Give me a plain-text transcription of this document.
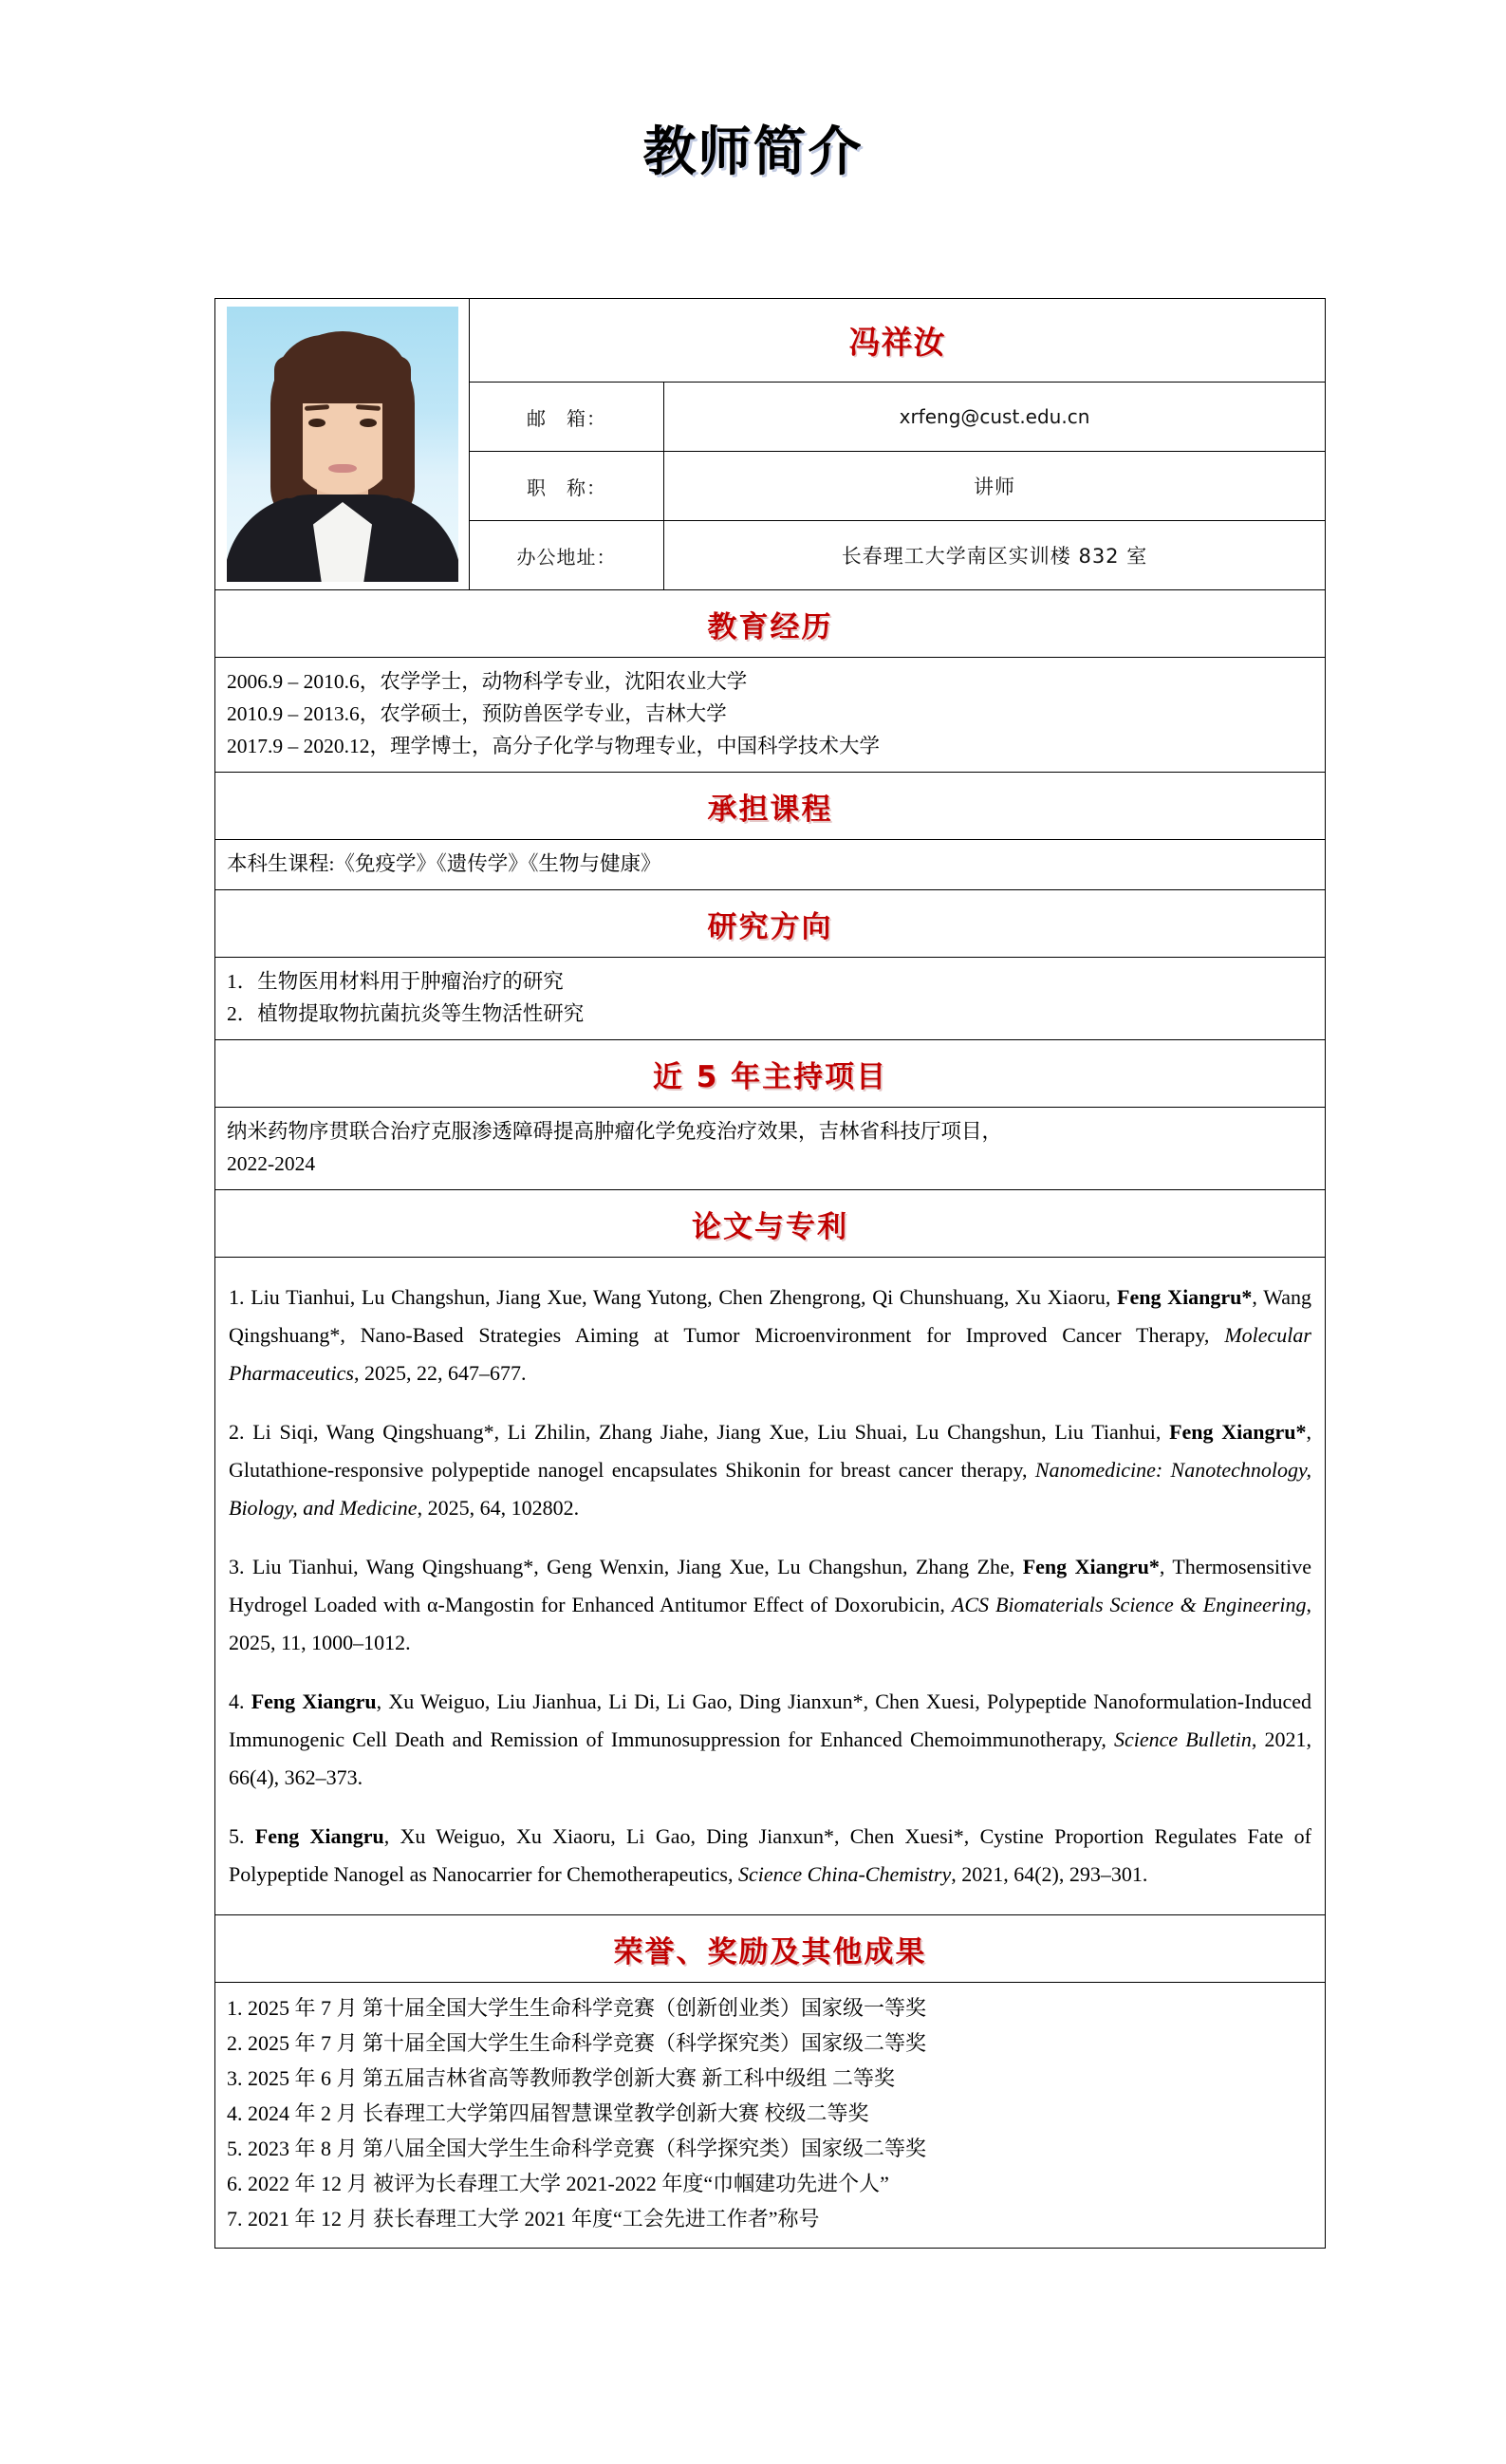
教师简介
	冯祥汝	
	邮　箱：	xrfeng@cust.edu.cn
	职　称：	讲师
	办公地址：	长春理工大学南区实训楼 832 室
教育经历		

2006.9 – 2010.6，农学学士，动物科学专业，沈阳农业大学
2010.9 – 2013.6，农学硕士，预防兽医学专业，吉林大学
2017.9 – 2020.12，理学博士，高分子化学与物理专业，中国科学技术大学		

承担课程		

本科生课程:《免疫学》《遗传学》《生物与健康》		

研究方向		

1．生物医用材料用于肿瘤治疗的研究
2．植物提取物抗菌抗炎等生物活性研究		

近 5 年主持项目		

纳米药物序贯联合治疗克服渗透障碍提高肿瘤化学免疫治疗效果，吉林省科技厅项目，
2022-2024		

论文与专利		

1. Liu Tianhui, Lu Changshun, Jiang Xue, Wang Yutong, Chen Zhengrong, Qi Chunshuang, Xu Xiaoru, Feng Xiangru*, Wang Qingshuang*, Nano-Based Strategies Aiming at Tumor Microenvironment for Improved Cancer Therapy, Molecular Pharmaceutics, 2025, 22, 647‒677.

2. Li Siqi, Wang Qingshuang*, Li Zhilin, Zhang Jiahe, Jiang Xue, Liu Shuai, Lu Changshun, Liu Tianhui, Feng Xiangru*, Glutathione-responsive polypeptide nanogel encapsulates Shikonin for breast cancer therapy, Nanomedicine: Nanotechnology, Biology, and Medicine, 2025, 64, 102802.

3. Liu Tianhui, Wang Qingshuang*, Geng Wenxin, Jiang Xue, Lu Changshun, Zhang Zhe, Feng Xiangru*, Thermosensitive Hydrogel Loaded with α-Mangostin for Enhanced Antitumor Effect of Doxorubicin, ACS Biomaterials Science & Engineering, 2025, 11, 1000‒1012.

4. Feng Xiangru, Xu Weiguo, Liu Jianhua, Li Di, Li Gao, Ding Jianxun*, Chen Xuesi, Polypeptide Nanoformulation-Induced Immunogenic Cell Death and Remission of Immunosuppression for Enhanced Chemoimmunotherapy, Science Bulletin, 2021, 66(4), 362‒373.

5. Feng Xiangru, Xu Weiguo, Xu Xiaoru, Li Gao, Ding Jianxun*, Chen Xuesi*, Cystine Proportion Regulates Fate of Polypeptide Nanogel as Nanocarrier for Chemotherapeutics, Science China-Chemistry, 2021, 64(2), 293‒301.		

荣誉、奖励及其他成果		

1. 2025 年 7 月 第十届全国大学生生命科学竞赛（创新创业类）国家级一等奖
2. 2025 年 7 月 第十届全国大学生生命科学竞赛（科学探究类）国家级二等奖
3. 2025 年 6 月 第五届吉林省高等教师教学创新大赛 新工科中级组 二等奖
4. 2024 年 2 月 长春理工大学第四届智慧课堂教学创新大赛 校级二等奖
5. 2023 年 8 月 第八届全国大学生生命科学竞赛（科学探究类）国家级二等奖
6. 2022 年 12 月 被评为长春理工大学 2021-2022 年度“巾帼建功先进个人”
7. 2021 年 12 月 获长春理工大学 2021 年度“工会先进工作者”称号
